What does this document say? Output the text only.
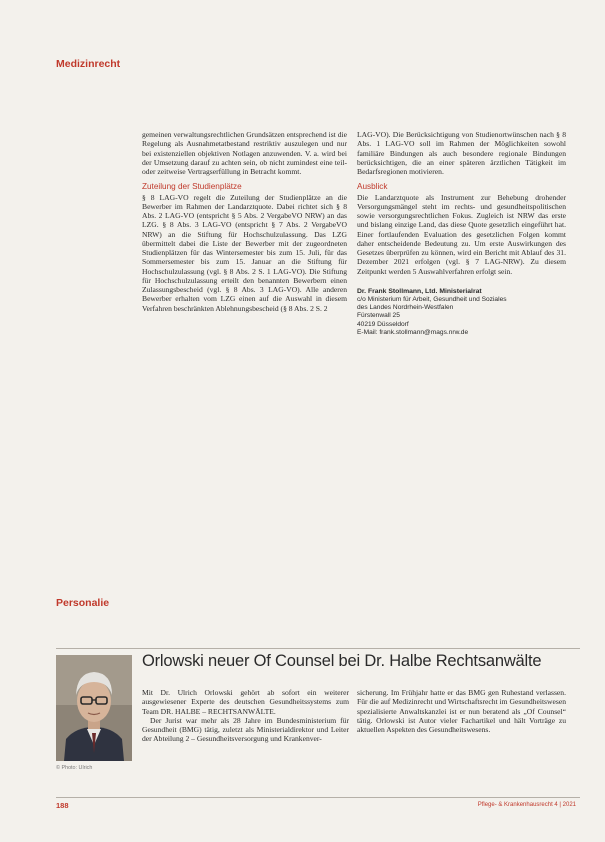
Medizinrecht

gemeinen verwaltungsrechtlichen Grundsätzen entsprechend ist die Regelung als Ausnahmetatbestand restriktiv auszulegen und nur bei existenziellen objektiven Notlagen anzuwenden. V. a. wird bei der Umsetzung darauf zu achten sein, ob nicht zumindest eine teil- oder zeitweise Vertragserfüllung in Betracht kommt.

Zuteilung der Studienplätze

§ 8 LAG-VO regelt die Zuteilung der Studienplätze an die Bewerber im Rahmen der Landarztquote. Dabei richtet sich § 8 Abs. 2 LAG-VO (entspricht § 5 Abs. 2 VergabeVO NRW) an das LZG. § 8 Abs. 3 LAG-VO (entspricht § 7 Abs. 2 VergabeVO NRW) an die Stiftung für Hochschulzulassung. Das LZG übermittelt dabei die Liste der Bewerber mit der zugeordneten Studienplätzen für das Wintersemester bis zum 15. Juli, für das Sommersemester bis zum 15. Januar an die Stiftung für Hochschulzulassung (vgl. § 8 Abs. 2 S. 1 LAG-VO). Die Stiftung für Hochschulzulassung erteilt den benannten Bewerbern einen Zulassungsbescheid (vgl. § 8 Abs. 3 LAG-VO). Alle anderen Bewerber erhalten vom LZG einen auf die Auswahl in diesem Verfahren beschränkten Ablehnungsbescheid (§ 8 Abs. 2 S. 2

LAG-VO). Die Berücksichtigung von Studienortwünschen nach § 8 Abs. 1 LAG-VO soll im Rahmen der Möglichkeiten sowohl familiäre Bindungen als auch besondere regionale Bindungen berücksichtigen, die an einer späteren ärztlichen Tätigkeit im Bedarfsregionen motivieren.

Ausblick

Die Landarztquote als Instrument zur Behebung drohender Versorgungsmängel steht im rechts- und gesundheitspolitischen sowie versorgungsrechtlichen Fokus. Zugleich ist NRW das erste und bislang einzige Land, das diese Quote gesetzlich eingeführt hat. Einer fortlaufenden Evaluation des gesetzlichen Folgen kommt daher entscheidende Bedeutung zu. Um erste Auswirkungen des Gesetzes überprüfen zu können, wird ein Bericht mit Ablauf des 31. Dezember 2021 erfolgen (vgl. § 7 LAG-NRW). Zu diesem Zeitpunkt werden 5 Auswahlverfahren erfolgt sein.

Dr. Frank Stollmann, Ltd. Ministerialrat
c/o Ministerium für Arbeit, Gesundheit und Soziales
des Landes Nordrhein-Westfalen
Fürstenwall 25
40219 Düsseldorf
E-Mail: frank.stollmann@mags.nrw.de
Personalie
Orlowski neuer Of Counsel bei Dr. Halbe Rechtsanwälte
© Photo: Ulrich

Mit Dr. Ulrich Orlowski gehört ab sofort ein weiterer ausgewiesener Experte des deutschen Gesundheitssystems zum Team DR. HALBE – RECHTSANWÄLTE.

Der Jurist war mehr als 28 Jahre im Bundesministerium für Gesundheit (BMG) tätig, zuletzt als Ministerialdirektor und Leiter der Abteilung 2 – Gesundheitsversorgung und Krankenver-

sicherung. Im Frühjahr hatte er das BMG gen Ruhestand verlassen. Für die auf Medizinrecht und Wirtschaftsrecht im Gesundheitswesen spezialisierte Anwaltskanzlei ist er nun beratend als „Of Counsel“ tätig. Orlowski ist Autor vieler Fachartikel und hält Vorträge zu aktuellen Aspekten des Gesundheitswesens.

188	Pflege- & Krankenhausrecht 4 | 2021
